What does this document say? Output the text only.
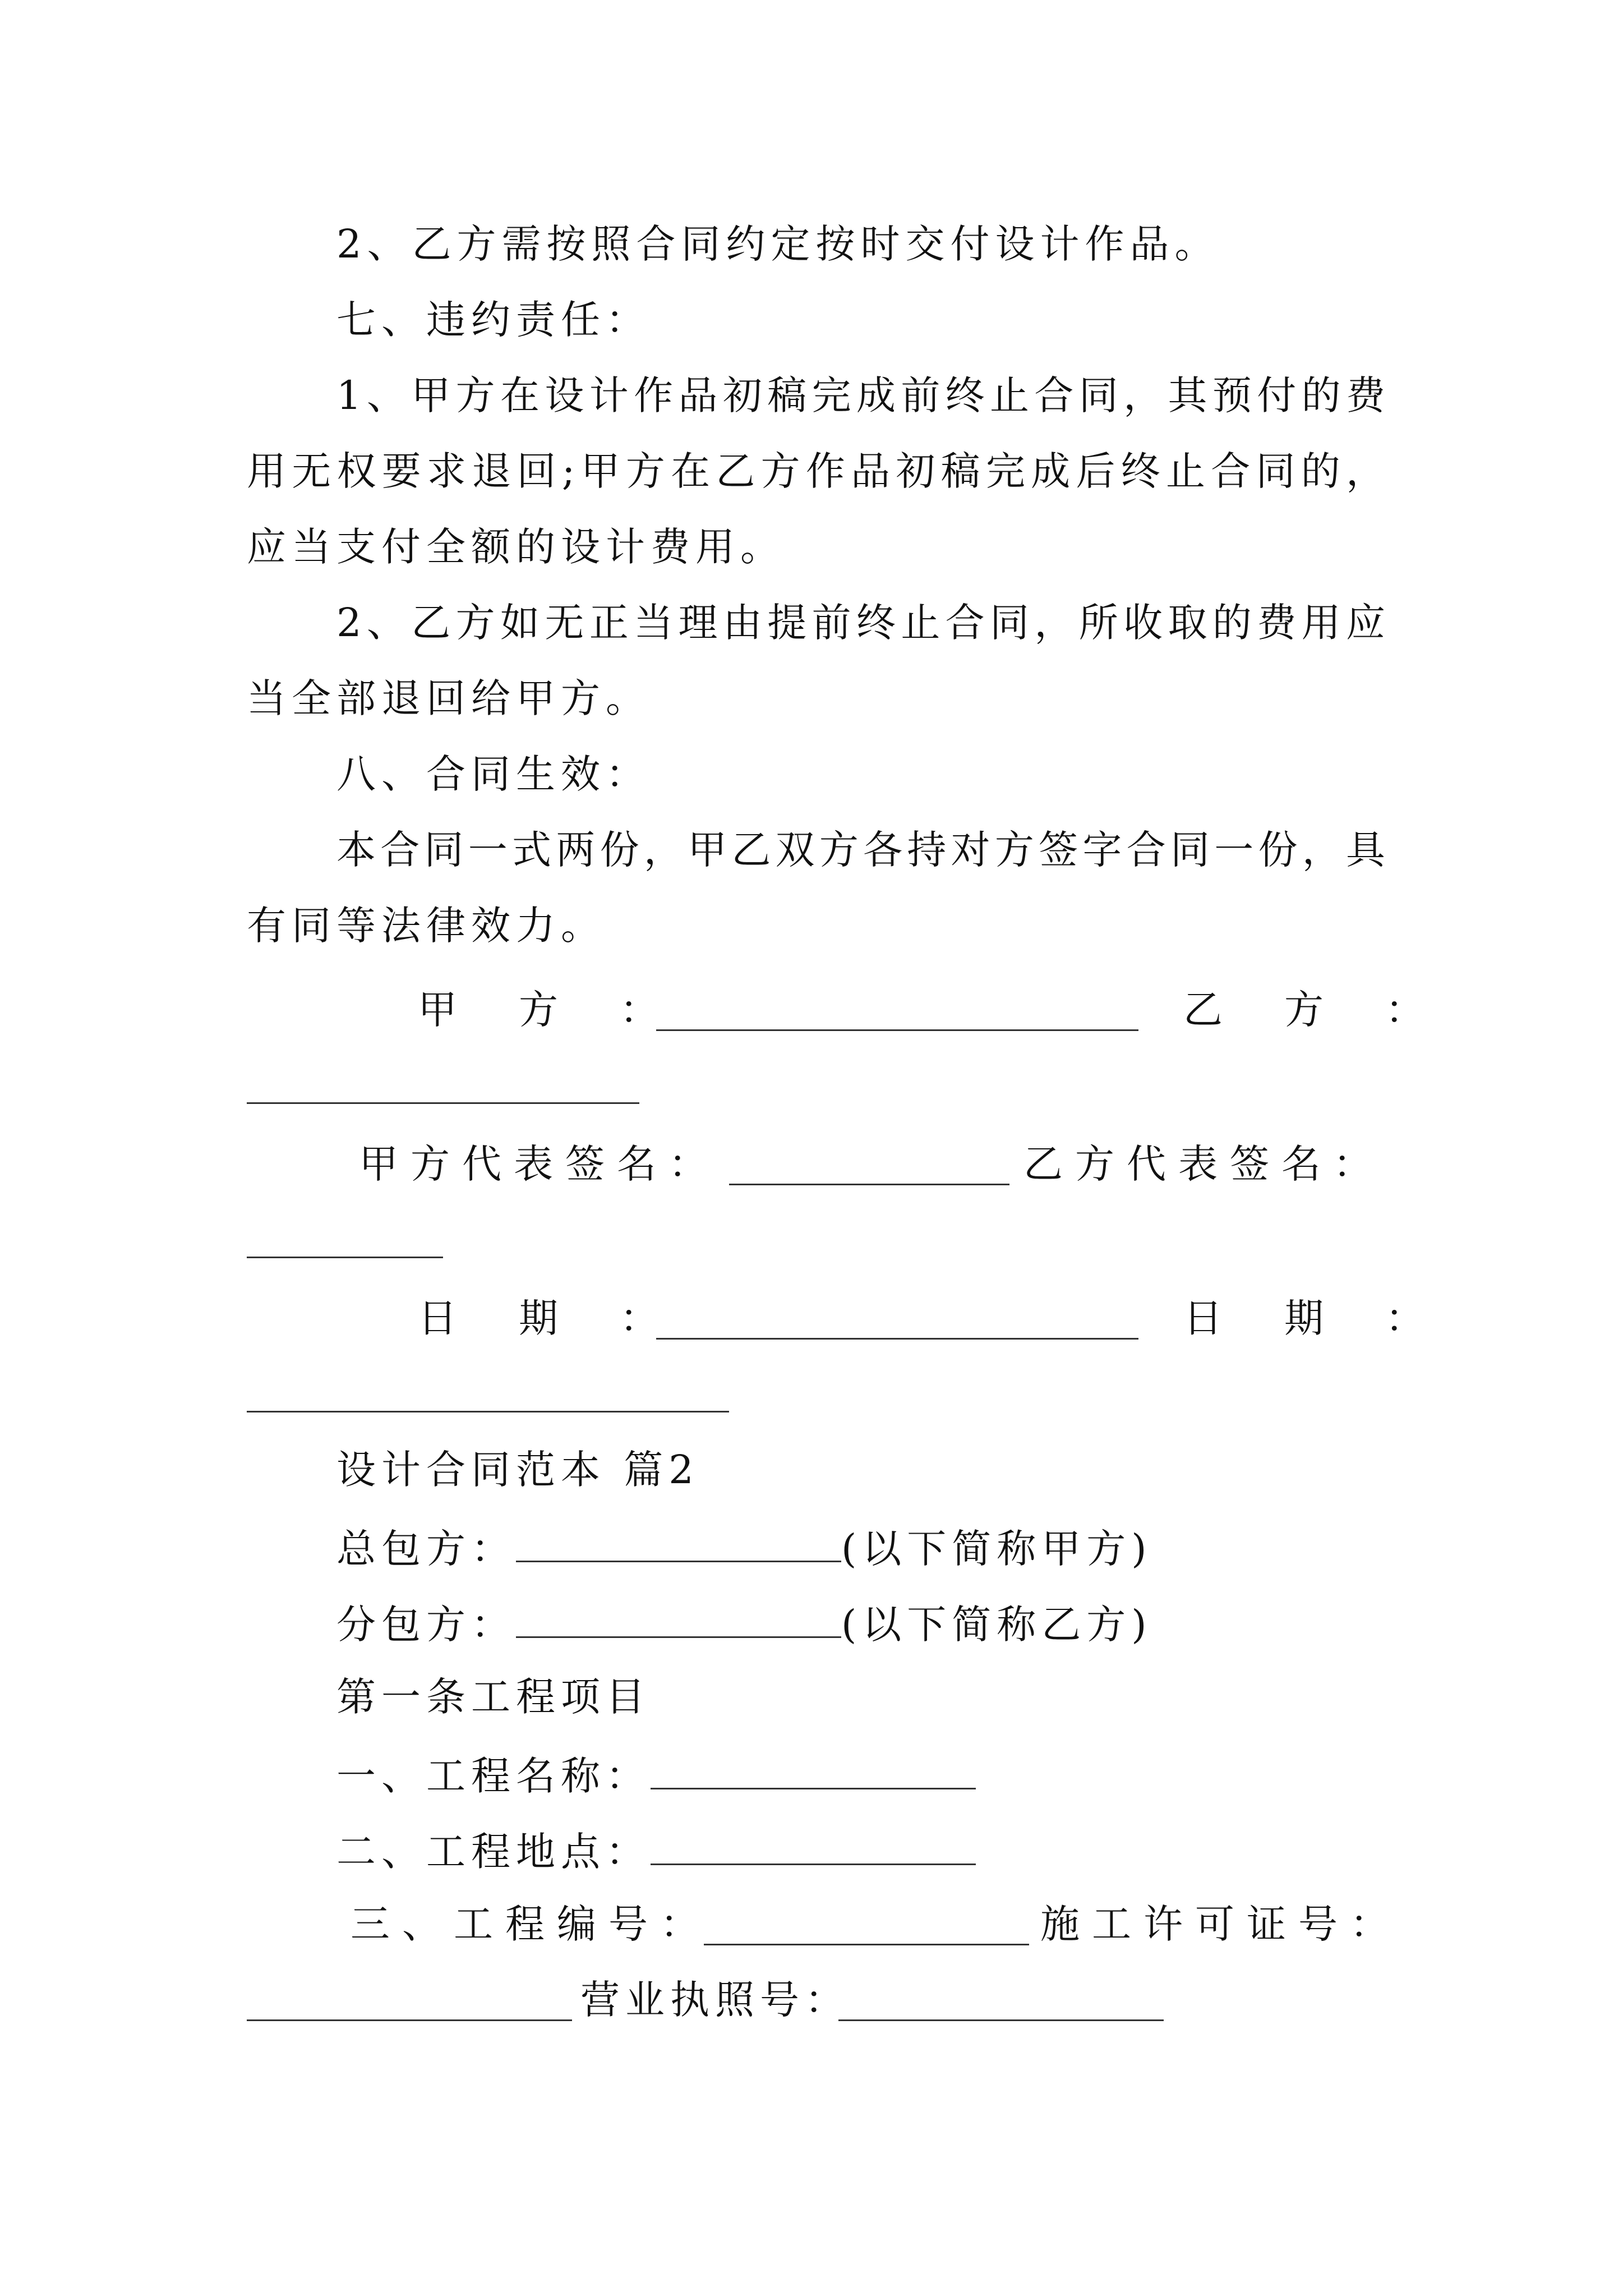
2、乙方需按照合同约定按时交付设计作品。
七、违约责任：
1、甲方在设计作品初稿完成前终止合同，其预付的费
用无权要求退回;甲方在乙方作品初稿完成后终止合同的，
应当支付全额的设计费用。
2、乙方如无正当理由提前终止合同，所收取的费用应
当全部退回给甲方。
八、合同生效：
本合同一式两份，甲乙双方各持对方签字合同一份，具
有同等法律效力。
甲　方　：	乙　方　：
甲方代表签名：	乙方代表签名：
日　期　：	日　期　：
设计合同范本 篇2
总包方：	(以下简称甲方)
分包方：	(以下简称乙方)
第一条工程项目
一、工程名称：
二、工程地点：
三、工程编号：	施工许可证号：
营业执照号：
